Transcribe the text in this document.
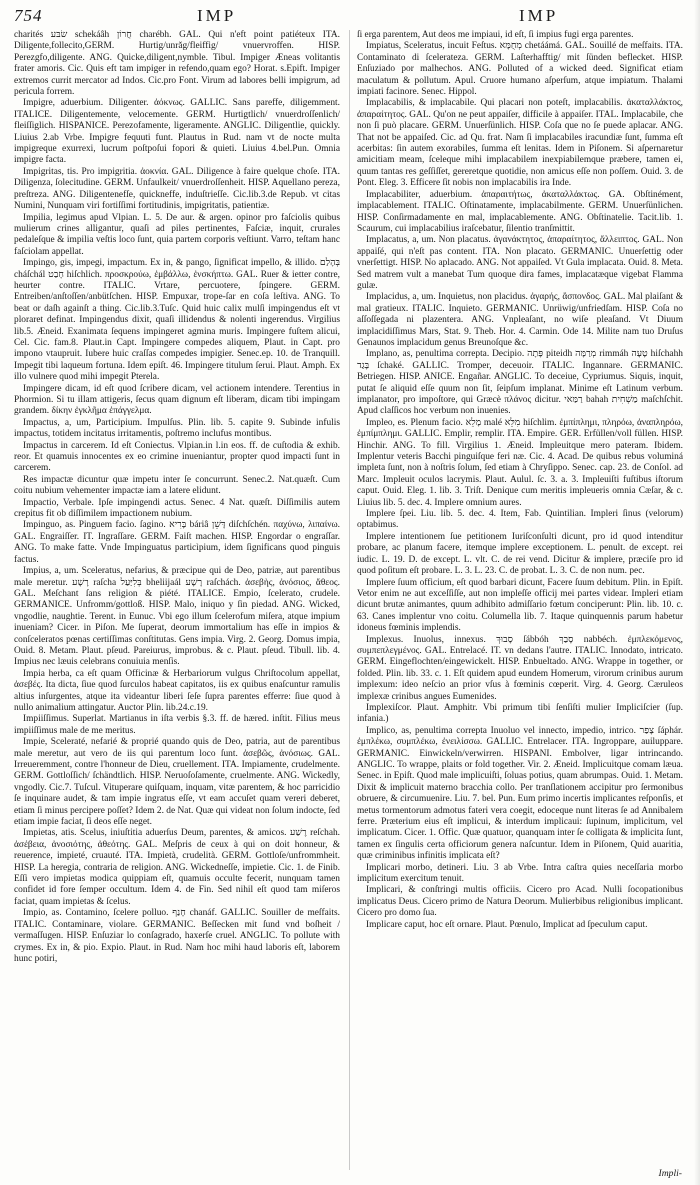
754	IMP	IMP

charités שׂבּע schekáâh חֲרוֹן charébh. GAL. Qui n'eft point patiéteux ITA. Diligente,follecito,GERM. Hurtig/unrǎg/fleiffig/ vnuervroffen. HISP. Perezgfo,diligente. ANG. Quicke,diligent,nymble. Tibul. Impiger Æneas volitantis frater amoris. Cic. Quis eft tam impiger in refendo,quam ego? Horat. s.Epift. Impiger extremos currit mercator ad Indos. Cic.pro Font. Virum ad labores belli impigrum, ad pericula forrem.

Impigre, aduerbium. Diligenter. ἀόκνως. GALLIC. Sans pareffe, diligemment. ITALICE. Diligentemente, velocemente. GERM. Hurtigtlich/ vnuerdroſſenlich/ fleiſſiglich. HISPANICE. Perezofamente, ligeramente. ANGLIC. Diligentlie, quickly. Liuius 2.ab Vrbe. Impigre fequuti funt. Plautus in Rud. nam vt de nocte multa impigreque exurrexi, lucrum poſtpoſui fopori & quieti. Liuius 4.bel.Pun. Omnia impigre facta.

Impigritas, tis. Pro impigritia. ἀοκνία. GAL. Diligence à faire quelque choſe. ITA. Diligenza, ſolecitudine. GERM. Unfaulkeit/ vnuerdroſſenheit. HISP. Aquellano pereza, preſtreza. ANG. Diligentenefſe, quickneffe, induſtrieſſe. Cic.lib.3.de Repub. vt citas Numini, Nunquam viri fortiſſimi fortitudinis, impigritatis, patientiæ.

Impilia, legimus apud Vlpian. L. 5. De aur. & argen. opinor pro faſciolis quibus mulierum crines alligantur, quaſi ad piles pertinentes, Faſciæ, inquit, crurales pedaleſque & impilia veſtis loco ſunt, quia partem corporis veſtiunt. Varro, teſtam hanc faſciolam appellat.

Impingo, gis, impegi, impactum. Ex in, & pango, ſignificat impello, & illido. בְּהָלַם cháſchál חָבַט hiſchlich. προσκρούω, ἐμβάλλω, ἐνσκήπτω. GAL. Ruer & ietter contre, heurter contre. ITALIC. Vrtare, percuotere, ſpingere. GERM. Entreiben/anſtoſſen/anbütſchen. HISP. Empuxar, trope-ſar en coſa leſtiva. ANG. To beat or daſh againſt a thing. Cic.lib.3.Tuſc. Quid huic calix mulſi impingendus eſt vt ploraret definat. Impingendus dixit, quaſi illidendus & nolenti ingerendus. Virgilius lib.5. Æneid. Exanimata ſequens impingeret agmina muris. Impingere fuſtem alicui, Cel. Cic. fam.8. Plaut.in Capt. Impingere compedes aliquem, Plaut. in Capt. pro impono vtaupruit. Iubere huic craſſas compedes impigier. Senec.ep. 10. de Tranquill. Impegit tibi laqueum fortuna. Idem epiſt. 46. Impingere titulum ſerui. Plaut. Amph. Ex illo vulnere quod mihi impegit Pterela.

Impingere dicam, id eſt quod ſcribere dicam, vel actionem intendere. Terentius in Phormion. Si tu illam attigeris, ſecus quam dignum eſt liberam, dicam tibi impingam grandem. δίκην ἐγκλῆμα ἐπάγγελμα.

Impactus, a, um, Participium. Impulſus. Plin. lib. 5. capite 9. Subinde infulis impactus, totidem incitatus irritamentis, poſtremo inclufus montibus.

Impactus in carcerem. Id eſt Coniectus. Vlpian.in l.in eos. ff. de cuſtodia & exhib. reor. Et quamuis innocentes ex eo crimine inueniantur, propter quod impacti ſunt in carcerem.

Res impactæ dicuntur quæ impetu inter ſe concurrunt. Senec.2. Nat.quæſt. Cum coitu nubium vehementer impactæ iam a latere elidunt.

Impactio, Verbale. Ipſe impingendi actus. Senec. 4 Nat. quæſt. Diſſimilis autem crepitus fit ob diſſimilem impactionem nubium.

Impinguo, as. Pinguem facio. ſagino. בָּרִיא báriâ דָּשֵׁן diſchſchén. παχύνω, λιπαίνω. GAL. Engraiſſer. IT. Ingraſſare. GERM. Faiſt machen. HISP. Engordar o engraſſar. ANG. To make fatte. Vnde Impinguatus particìpium, idem ſignificans quod pinguis factus.

Impius, a, um. Sceleratus, nefarius, & præcipue qui de Deo, patriæ, aut parentibus male meretur. רָשָׁע raſcha בְּלִיַּעַל bheliijaál רָשָׁע raſchách. ἀσεβὴς, ἀνόσιος, ἄθεος. GAL. Meſchant ſans religion & piété. ITALICE. Empio, ſcelerato, crudele. GERMANICE. Unfromm/gottloß. HISP. Malo, iniquo y ſin piedad. ANG. Wicked, vngodlie, naughtie. Terent. in Eunuc. Vbi ego illum ſcelerofum miſera, atque impium inueniam? Cicer. in Piſon. Me ſuperat, deorum immortalium has eſſe in impios & conſceleratos pœnas certiſſimas conſtitutas. Gens impia. Virg. 2. Georg. Domus impia, Ouid. 8. Metam. Plaut. pſeud. Pareiurus, improbus. & c. Plaut. pſeud. Tibull. lib. 4. Impius nec læuis celebrans conuiuia menſis.

Impia herba, ca eſt quam Officinæ & Herbariorum vulgus Chriſtocolum appellat, ἀσεβές. Ita dicta, ſiue quod ſurculos habeat capitatos, iis ex quibus enaſcuntur ramulis altius inſurgentes, atque ita videantur liberi ſeſe ſupra parentes efferre: ſiue quod à nullo animalium attingatur. Auctor Plin. lib.24.c.19.

Impiiſſimus. Superlat. Martianus in iſta verbis §.3. ff. de hæred. inſtit. Filius meus impiiſſimus male de me meritus.

Impie, Sceleraté, nefarié & proprié quando quis de Deo, patria, aut de parentibus male meretur, aut vero de iis qui parentum loco ſunt. ἀσεβῶς, ἀνόσιως. GAL. Irreueremment, contre l'honneur de Dieu, cruellement. ITA. Impiamente, crudelmente. GERM. Gottloſſich/ ſchändtlich. HISP. Neruoſoſamente, cruelmente. ANG. Wickedly, vngodly. Cic.7. Tuſcul. Vituperare quiſquam, inquam, vitæ parentem, & hoc parricidio ſe inquinare audet, & tam impie ingratus eſſe, vt eam accuſet quam vereri deberet, etiam ſi minus percipere poſſet? Idem 2. de Nat. Quæ qui videat non ſolum indocte, ſed etiam impie faciat, ſi deos eſſe neget.

Impietas, atis. Scelus, iniuſtitia aduerſus Deum, parentes, & amicos. רֶשַׁע reſchah. ἀσέβεια, ἀνοσιότης, ἀθεότης. GAL. Meſpris de ceux à qui on doit honneur, & reuerence, impieté, cruauté. ITA. Impietà, crudelità. GERM. Gottloſe/unfrommheit. HISP. La heregia, contraria de religion. ANG. Wickedneſſe, impietie. Cic. 1. de Finib. Eſſi vero impietas modica quippiam eſt, quamuis occulte fecerit, nunquam tamen confidet id fore ſemper occultum. Idem 4. de Fin. Sed nihil eſt quod tam miſeros faciat, quam impietas & ſcelus.

Impio, as. Contamino, ſcelere polluo. חָנַף chanáf. GALLIC. Souiller de meſfaits. ITALIC. Contaminare, violare. GERMANIC. Beſſecken mit ſund vnd boſheit / vermaſſugen. HISP. Enſuziar lo conſagrado, haxerſe cruel. ANGLIC. To pollute with crymes. Ex in, & pio. Expio. Plaut. in Rud. Nam hoc mihi haud laboris eſt, laborem hunc potiri,

ſi erga parentem, Aut deos me impiaui, id eſt, ſi impius fugi erga parentes.

Impiatus, Sceleratus, incuit Feſtus. מְחֻמָּא chetáámá. GAL. Souillé de meſfaits. ITA. Contaminato di ſcelerateza. GERM. Laſterhafftig/ mit ſünden beflecket. HISP. Enſuziado por malhechos. ANG. Polluted of a wicked deed. Significat etiam maculatum & pollutum. Apul. Cruore humano aſperſum, atque impiatum. Thalami impiati facinore. Senec. Hippol.

Implacabilis, & implacabile. Qui placari non poteſt, implacabilis. ἀκαταλλάκτος, ἀπαραίτητος. GAL. Qu'on ne peut appaiſer, difficile à appaiſer. ITAL. Implacabile, che non ſi può placare. GERM. Unuerſünlich. HISP. Coſa que no ſe puede aplacar. ANG. That not be appaiſed. Cic. ad Qu. frat. Nam ſi implacabiles iracundiæ ſunt, ſumma eſt acerbitas: ſin autem exorabiles, ſumma eſt lenitas. Idem in Piſonem. Si aſpernaretur amicitiam meam, ſceleque mihi implacabilem inexpiabilemque præbere, tamen ei, quum tantas res geſſiſſet, gereretque quotidie, non amicus eſſe non poſſem. Ouid. 3. de Pont. Eleg. 3. Efficere ſit nobis non implacabilis ira Inde.

Implacabiliter, aduerbium. ἀπαραιτήτως, ἀκαταλλάκτως. GA. Obſtinément, implacablement. ITALIC. Oſtinatamente, implacabilmente. GERM. Unuerſünlichen. HISP. Conſirmadamente en mal, implacablemente. ANG. Obſtinatelie. Tacit.lib. 1. Scaurum, cui implacabilius iraſcebatur, ſilentio tranſmittit.

Implacatus, a, um. Non placatus. ἀγανάκτητος, ἀπαραίτητος, ἄλλειπτος. GAL. Non appaiſé, qui n'eſt pas content. ITA. Non placato. GERMANIC. Unuerſettig oder vnerſettigt. HISP. No aplacado. ANG. Not appaiſed. Vt Gula implacata. Ouid. 8. Meta. Sed matrem vult a manebat Tum quoque dira fames, implacatæque vigebat Flamma gulæ.

Implacidus, a, um. Inquietus, non placidus. ἀγαρής, ἄσπονδος. GAL. Mal plaiſant & mal gratieux. ITALIC. Inquieto. GERMANIC. Unrüwig/unfriedſam. HISP. Coſa no aſſoſſegada ni plazentera. ANG. Vnpleaſant, no wiſe pleaſand. Vt Diuum implacidiſſimus Mars, Stat. 9. Theb. Hor. 4. Carmin. Ode 14. Milite nam tuo Druſus Genaunos implacidum genus Breunoſque &c.

Implano, as, penultima correpta. Decipio. פָּתָה piteidh מְרַמָּה rimmáh טָעָה hiſchahh בָּגַד ſchaké. GALLIC. Tromper, deceuoir. ITALIC. Ingannare. GERMANIC. Betriegen. HISP. ANICE. Engañar. ANGLIC. To deceiue, Cypriumus. Siquis, inquit, putat ſe aliquid eſſe quum non ſit, ſeipſum implanat. Minime eſt Latinum verbum. implanator, pro impoſtore, qui Græcè πλάνος dicitur. רַמַּאי bahah מַשְׁחִית maſchſchit. Apud claſſicos hoc verbum non inuenies.

Impleo, es. Plenum facio. מָלֵא malé מִלֵּא hiſchlim. ἐμπίπλημι, πληρόω, ἀναπληρόω, ἐμπίμπλημι. GALLIC. Emplir, remplir. ITA. Empire. GER. Erfüllen/voll füllen. HISP. Hinchir. ANG. To fill. Virgilius 1. Æneid. Impleuitque mero pateram. Ibidem. Implentur veteris Bacchi pinguiſque feri næ. Cic. 4. Acad. De quibus rebus voluminá impleta ſunt, non à noſtris ſolum, ſed etiam à Chryſippo. Senec. cap. 23. de Conſol. ad Marc. Impleuit oculos lacrymis. Plaut. Aulul. ſc. 3. a. 3. Impleuiſti fuſtibus iſtorum caput. Ouid. Eleg. 1. lib. 3. Triſt. Denique cum meritis impleueris omnia Cæſar, & c. Liuius lib. 5. dec. 4. Implere omnium aures.

Implere ſpei. Liu. lib. 5. dec. 4. Item, Fab. Quintilian. Impleri ſinus (velorum) optabimus.

Implere intentionem ſue petitionem Iuriſconſulti dicunt, pro id quod intenditur probare, ac planum facere, itemque implere exceptionem. L. penult. de except. rei iudic. L. 19. D. de except. L. vlt. C. de rei vend. Dicitur & implere, præciſe pro id quod poſitum eſt probare. L. 3. L. 23. C. de probat. L. 3. C. de non num. pec.

Implere ſuum officium, eſt quod barbari dicunt, Facere ſuum debitum. Plin. in Epiſt. Vetor enim ne aut exceſſiſſe, aut non impleſſe officij mei partes videar. Impleri etiam dicunt brutæ animantes, quum adhibito admiſſario fœtum conciperunt: Plin. lib. 10. c. 63. Canes implentur vno coitu. Columella lib. 7. Itaque quinquennis parum habetur idoneus fœminis implendis.

Implexus. Inuolus, innexus. סָבוּךְ ſábbóh סָבַךְ nabbéch. ἐμπλεκόμενος, συμπεπλεγμένος. GAL. Entrelacé. IT. vn dedans l'autre. ITALIC. Innodato, intricato. GERM. Eingeflochten/eingewickelt. HISP. Enbueltado. ANG. Wrappe in together, or folded. Plin. lib. 33. c. 1. Eſt quidem apud eundem Homerum, virorum crinibus aurum implexum: ideo neſcio an prior vſus à fœminis cœperit. Virg. 4. Georg. Cæruleos implexæ crinibus angues Eumenides.

Implexiſcor. Plaut. Amphitr. Vbi primum tibi ſenſiſti mulier Impliciſcier (ſup. infania.)

Implico, as, penultima correpta Inuoluo vel innecto, impedio, intrico. צָפַר ſáphár. ἐμπλέκω, συμπλέκω, ἐνειλίσσω. GALLIC. Entrelacer. ITA. Ingroppare, auiluppare. GERMANIC. Einwickeln/verwirren. HISPANI. Embolver, ligar intrincando. ANGLIC. To wrappe, plaits or fold together. Vir. 2. Æneid. Implicuitque comam læua. Senec. in Epiſt. Quod male implicuiſti, ſoluas potius, quam abrumpas. Ouid. 1. Metam. Dixit & implicuit materno bracchia collo. Per tranſlationem accipitur pro ſermonibus obruere, & circumuenire. Liu. 7. bel. Pun. Eum primo incertis implicantes reſponſis, et metus tormentorum admotus fateri vera coegit, edoceque nunt literas ſe ad Annibalem ferre. Præterium eius eſt implicui, & interdum implicaui: ſupinum, implicitum, vel implicatum. Cicer. 1. Offic. Quæ quatuor, quanquam inter ſe colligata & implicita ſunt, tamen ex ſingulis certa officiorum genera naſcuntur. Idem in Piſonem, Quid auaritia, quæ criminibus infinitis implicata eſt?

Implicari morbo, detineri. Liu. 3 ab Vrbe. Intra caſtra quies neceſſaria morbo implicitum exercitum tenuit.

Implicari, & conſtringi multis officiis. Cicero pro Acad. Nulli ſocopationibus implicatus Deus. Cicero primo de Natura Deorum. Mulierbibus religionibus implicant. Cicero pro domo ſua.

Implicare caput, hoc eſt ornare. Plaut. Pœnulo, Implicat ad ſpeculum caput.

Impli-
